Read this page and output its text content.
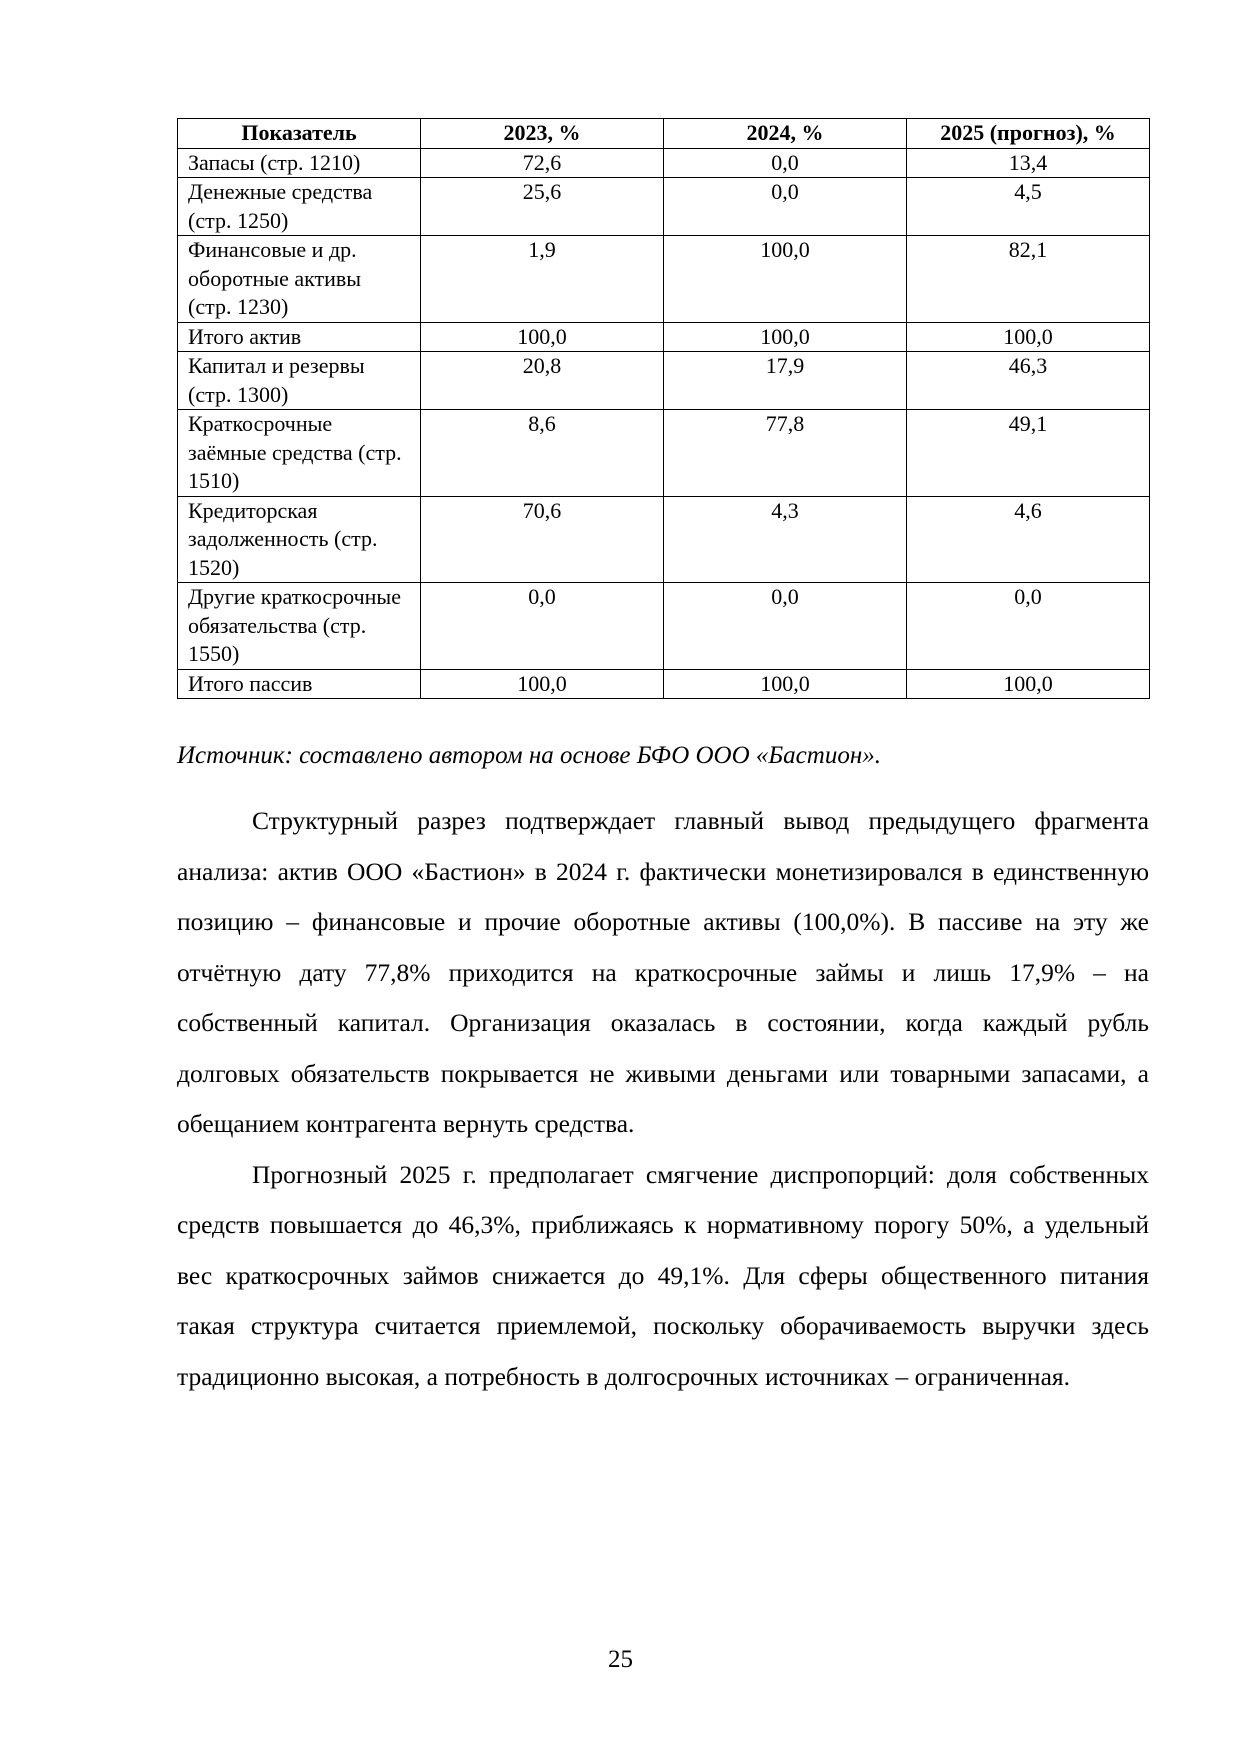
Показатель	2023, %	2024, %	2025 (прогноз), %
Запасы (стр. 1210)	72,6	0,0	13,4
Денежные средства (стр. 1250)	25,6	0,0	4,5
Финансовые и др. оборотные активы (стр. 1230)	1,9	100,0	82,1
Итого актив	100,0	100,0	100,0
Капитал и резервы (стр. 1300)	20,8	17,9	46,3
Краткосрочные заёмные средства (стр. 1510)	8,6	77,8	49,1
Кредиторская задолженность (стр. 1520)	70,6	4,3	4,6
Другие краткосрочные обязательства (стр. 1550)	0,0	0,0	0,0
Итого пассив	100,0	100,0	100,0
Источник: составлено автором на основе БФО ООО «Бастион».

Структурный разрез подтверждает главный вывод предыдущего фрагмента анализа: актив ООО «Бастион» в 2024 г. фактически монетизировался в единственную позицию – финансовые и прочие оборотные активы (100,0%). В пассиве на эту же отчётную дату 77,8% приходится на краткосрочные займы и лишь 17,9% – на собственный капитал. Организация оказалась в состоянии, когда каждый рубль долговых обязательств покрывается не живыми деньгами или товарными запасами, а обещанием контрагента вернуть средства.

Прогнозный 2025 г. предполагает смягчение диспропорций: доля собственных средств повышается до 46,3%, приближаясь к нормативному порогу 50%, а удельный вес краткосрочных займов снижается до 49,1%. Для сферы общественного питания такая структура считается приемлемой, поскольку оборачиваемость выручки здесь традиционно высокая, а потребность в долгосрочных источниках – ограниченная.

25
